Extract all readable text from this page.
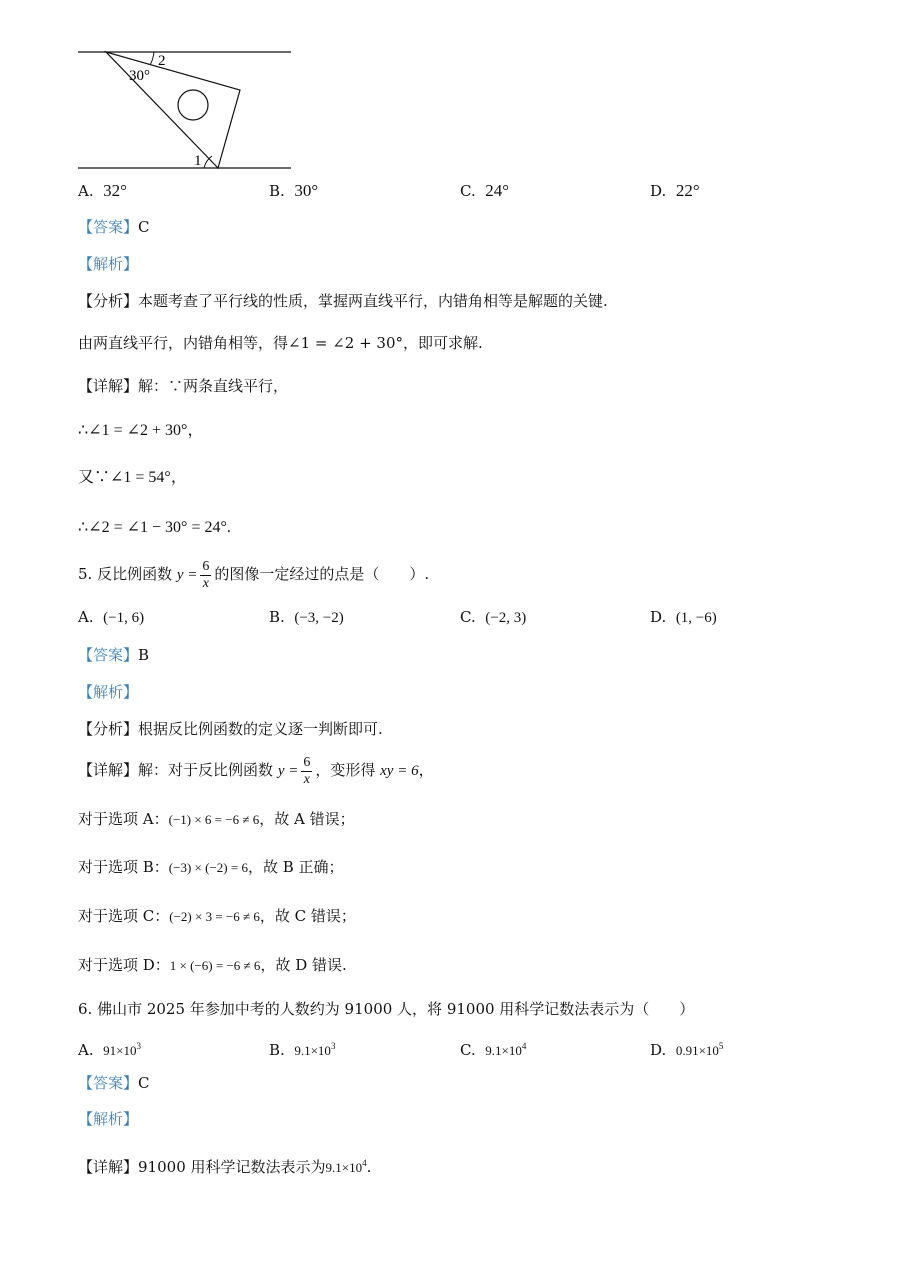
2
30°
1
A. 32°	B. 30°	C. 24°	D. 22°
【答案】C
【解析】
【分析】本题考查了平行线的性质，掌握两直线平行，内错角相等是解题的关键.
由两直线平行，内错角相等，得∠1 = ∠2 + 30°，即可求解.
【详解】解：∵两条直线平行，
∴∠1 = ∠2 + 30°，
又∵∠1 = 54°，
∴∠2 = ∠1 − 30° = 24°.
5. 反比例函数 $y = \frac{6}{x}$ 的图像一定经过的点是（　　）.
A. (−1, 6)	B. (−3, −2)	C. (−2, 3)	D. (1, −6)
【答案】B
【解析】
【分析】根据反比例函数的定义逐一判断即可.
【详解】解：对于反比例函数 $y = \frac{6}{x}$ ，变形得 xy = 6，
对于选项 A：(−1) × 6 = −6 ≠ 6，故 A 错误；
对于选项 B：(−3) × (−2) = 6，故 B 正确；
对于选项 C：(−2) × 3 = −6 ≠ 6，故 C 错误；
对于选项 D：1 × (−6) = −6 ≠ 6，故 D 错误.
6. 佛山市 2025 年参加中考的人数约为 91000 人，将 91000 用科学记数法表示为（　　）
A. $91\times 10^3$	B. $9.1\times 10^3$	C. $9.1\times 10^4$	D. $0.91\times 10^5$
【答案】C
【解析】
【详解】91000 用科学记数法表示为$9.1\times 10^4$.
